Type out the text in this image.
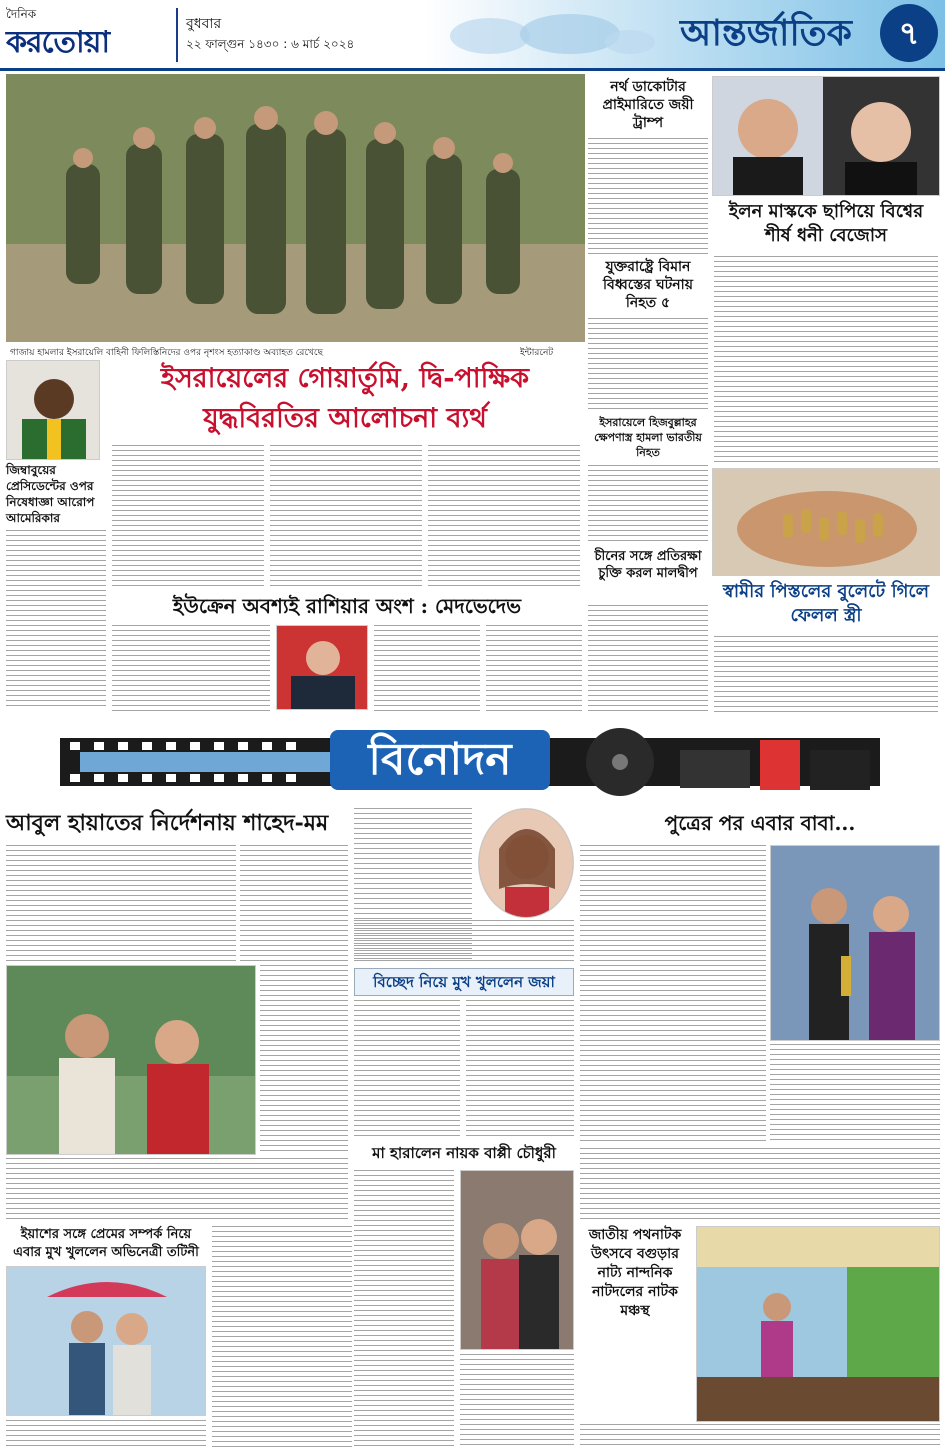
দৈনিক
করতোয়া
বুধবার
২২ ফাল্গুন ১৪৩০ : ৬ মার্চ ২০২৪	আন্তর্জাতিক	৭
গাজায় হামলার ইসরায়েলি বাহিনী ফিলিস্তিনিদের ওপর নৃশংস হত্যাকাণ্ড অব্যাহত রেখেছে	ইন্টারনেট
ইসরায়েলের গোয়ার্তুমি, দ্বি-পাক্ষিক
যুদ্ধবিরতির আলোচনা ব্যর্থ
জিম্বাবুয়ের প্রেসিডেন্টের ওপর নিষেধাজ্ঞা আরোপ আমেরিকার
ইউক্রেন অবশ্যই রাশিয়ার অংশ : মেদভেদেভ
নর্থ ডাকোটার প্রাইমারিতে জয়ী ট্রাম্প
যুক্তরাষ্ট্রে বিমান বিধ্বস্তের ঘটনায় নিহত ৫
ইসরায়েলে হিজবুল্লাহর ক্ষেপণাস্ত্র হামলা ভারতীয় নিহত
চীনের সঙ্গে প্রতিরক্ষা চুক্তি করল মালদ্বীপ
ইলন মাস্ককে ছাপিয়ে বিশ্বের শীর্ষ ধনী বেজোস
স্বামীর পিস্তলের বুলেটে গিলে ফেলল স্ত্রী
বিনোদন
আবুল হায়াতের নির্দেশনায় শাহেদ-মম
ইয়াশের সঙ্গে প্রেমের সম্পর্ক নিয়ে এবার মুখ খুললেন অভিনেত্রী তটিনী
বিচ্ছেদ নিয়ে মুখ খুললেন জয়া
মা হারালেন নায়ক বাপ্পী চৌধুরী
পুত্রের পর এবার বাবা...
জাতীয় পথনাটক উৎসবে বগুড়ার নাট্য নান্দনিক নাটদলের নাটক মঞ্চস্থ
